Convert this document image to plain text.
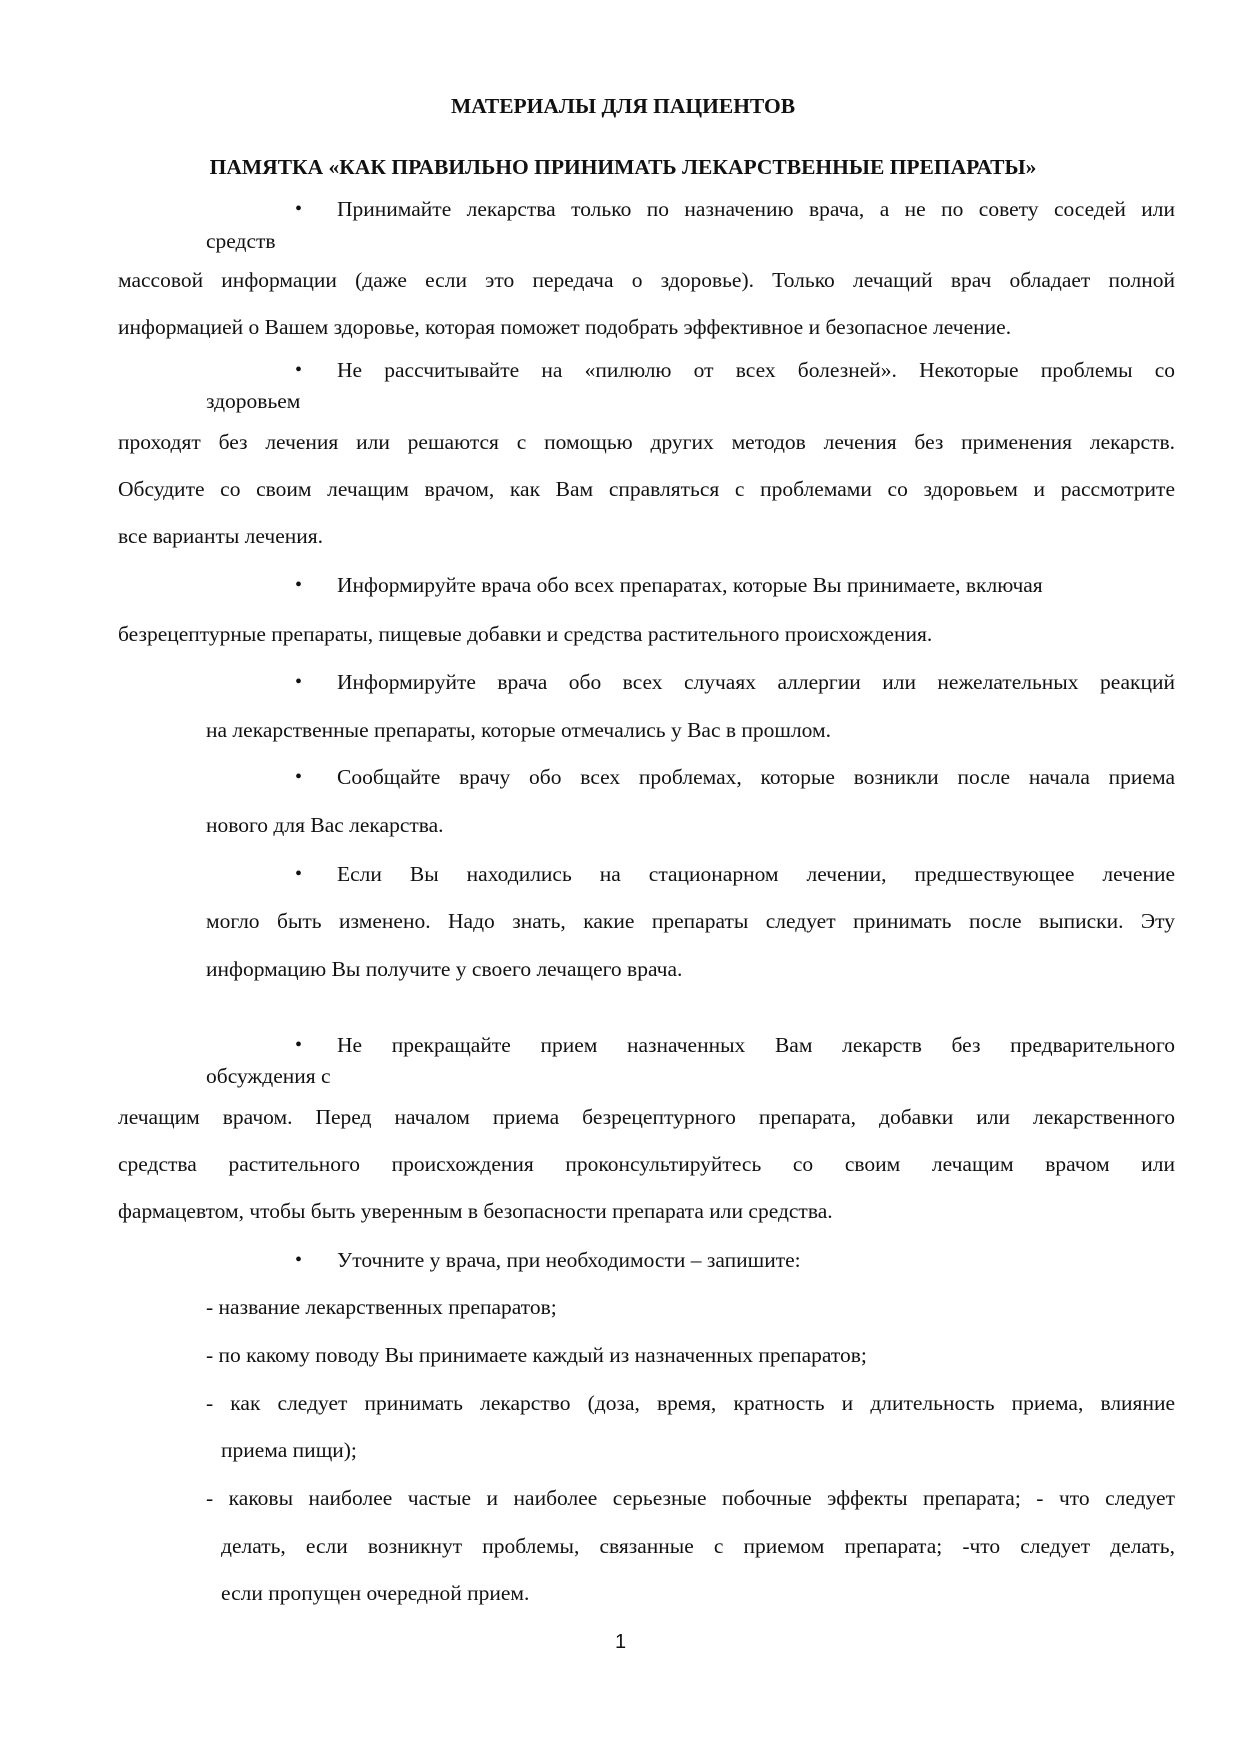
МАТЕРИАЛЫ ДЛЯ ПАЦИЕНТОВ
ПАМЯТКА «КАК ПРАВИЛЬНО ПРИНИМАТЬ ЛЕКАРСТВЕННЫЕ ПРЕПАРАТЫ»
• Принимайте лекарства только по назначению врача, а не по совету соседей или
средств
массовой информации (даже если это передача о здоровье). Только лечащий врач обладает полной
информацией о Вашем здоровье, которая поможет подобрать эффективное и безопасное лечение.
• Не рассчитывайте на «пилюлю от всех болезней». Некоторые проблемы со
здоровьем
проходят без лечения или решаются с помощью других методов лечения без применения лекарств.
Обсудите со своим лечащим врачом, как Вам справляться с проблемами со здоровьем и рассмотрите
все варианты лечения.
• Информируйте врача обо всех препаратах, которые Вы принимаете, включая
безрецептурные препараты, пищевые добавки и средства растительного происхождения.
• Информируйте врача обо всех случаях аллергии или нежелательных реакций
на лекарственные препараты, которые отмечались у Вас в прошлом.
• Сообщайте врачу обо всех проблемах, которые возникли после начала приема
нового для Вас лекарства.
• Если Вы находились на стационарном лечении, предшествующее лечение
могло быть изменено. Надо знать, какие препараты следует принимать после выписки. Эту
информацию Вы получите у своего лечащего врача.
• Не прекращайте прием назначенных Вам лекарств без предварительного
обсуждения с
лечащим врачом. Перед началом приема безрецептурного препарата, добавки или лекарственного
средства растительного происхождения проконсультируйтесь со своим лечащим врачом или
фармацевтом, чтобы быть уверенным в безопасности препарата или средства.
• Уточните у врача, при необходимости – запишите:
- название лекарственных препаратов;
- по какому поводу Вы принимаете каждый из назначенных препаратов;
- как следует принимать лекарство (доза, время, кратность и длительность приема, влияние
приема пищи);
- каковы наиболее частые и наиболее серьезные побочные эффекты препарата; - что следует
делать, если возникнут проблемы, связанные с приемом препарата; -что следует делать,
если пропущен очередной прием.
1
